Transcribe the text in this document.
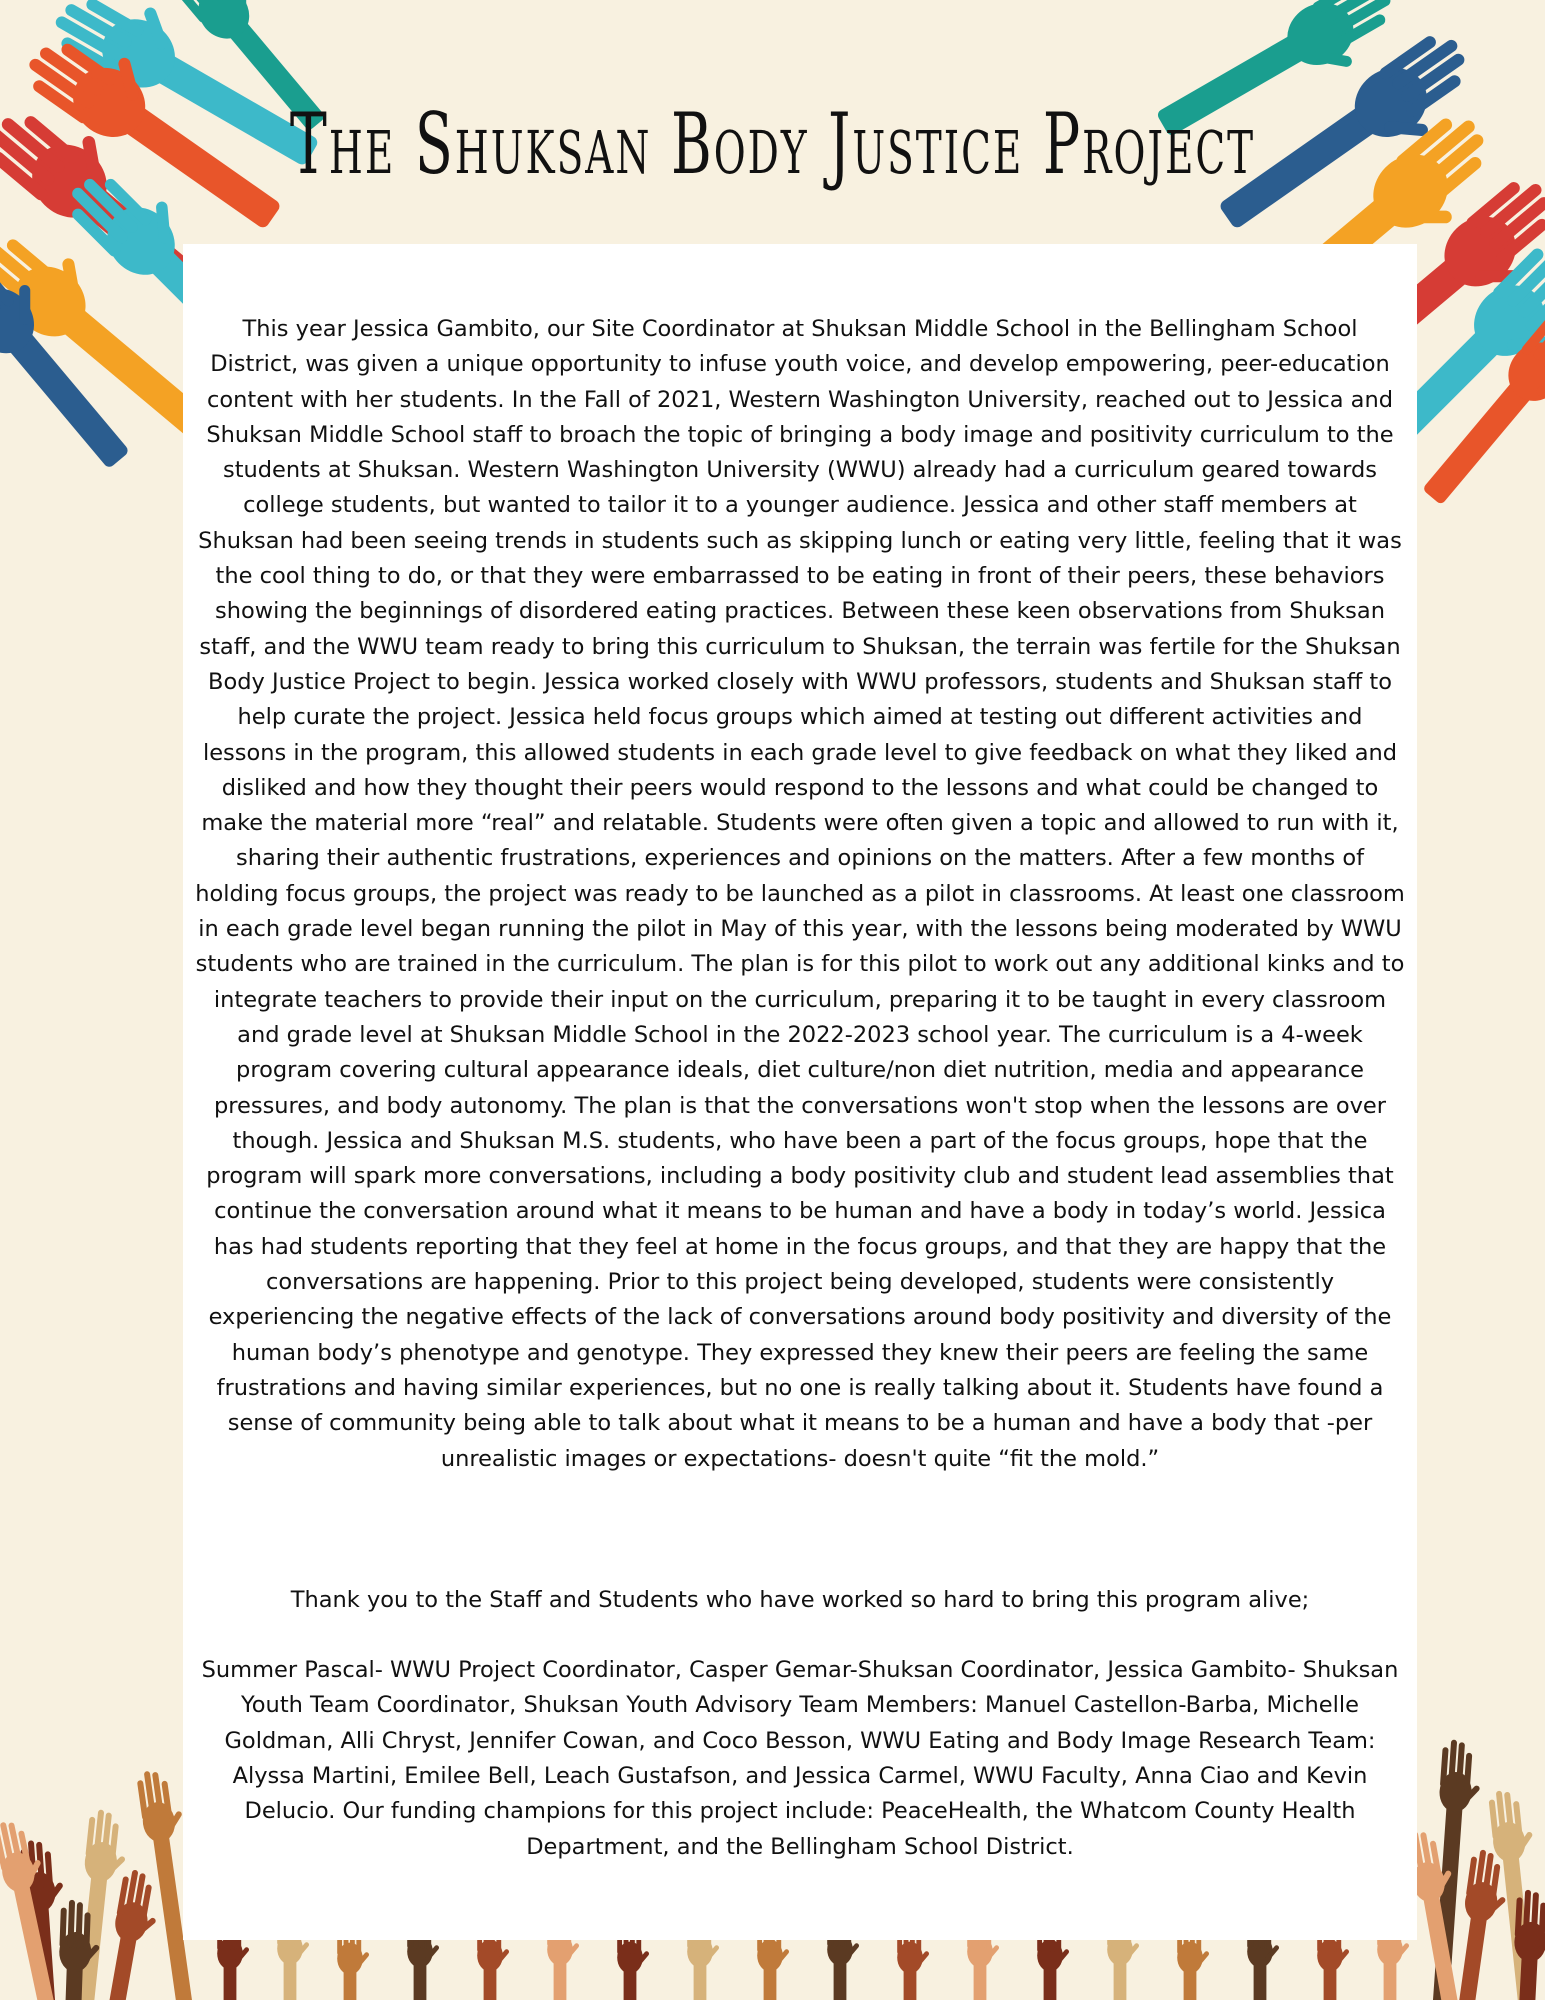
The Shuksan Body Justice Project

This year Jessica Gambito, our Site Coordinator at Shuksan Middle School in the Bellingham School District, was given a unique opportunity to infuse youth voice, and develop empowering, peer-education content with her students. In the Fall of 2021, Western Washington University, reached out to Jessica and Shuksan Middle School staff to broach the topic of bringing a body image and positivity curriculum to the students at Shuksan. Western Washington University (WWU) already had a curriculum geared towards college students, but wanted to tailor it to a younger audience. Jessica and other staff members at Shuksan had been seeing trends in students such as skipping lunch or eating very little, feeling that it was the cool thing to do, or that they were embarrassed to be eating in front of their peers, these behaviors showing the beginnings of disordered eating practices. Between these keen observations from Shuksan staff, and the WWU team ready to bring this curriculum to Shuksan, the terrain was fertile for the Shuksan Body Justice Project to begin. Jessica worked closely with WWU professors, students and Shuksan staff to help curate the project. Jessica held focus groups which aimed at testing out different activities and lessons in the program, this allowed students in each grade level to give feedback on what they liked and disliked and how they thought their peers would respond to the lessons and what could be changed to make the material more “real” and relatable. Students were often given a topic and allowed to run with it, sharing their authentic frustrations, experiences and opinions on the matters. After a few months of holding focus groups, the project was ready to be launched as a pilot in classrooms. At least one classroom in each grade level began running the pilot in May of this year, with the lessons being moderated by WWU students who are trained in the curriculum. The plan is for this pilot to work out any additional kinks and to integrate teachers to provide their input on the curriculum, preparing it to be taught in every classroom and grade level at Shuksan Middle School in the 2022-2023 school year. The curriculum is a 4-week program covering cultural appearance ideals, diet culture/non diet nutrition, media and appearance pressures, and body autonomy. The plan is that the conversations won't stop when the lessons are over though. Jessica and Shuksan M.S. students, who have been a part of the focus groups, hope that the program will spark more conversations, including a body positivity club and student lead assemblies that continue the conversation around what it means to be human and have a body in today’s world. Jessica has had students reporting that they feel at home in the focus groups, and that they are happy that the conversations are happening. Prior to this project being developed, students were consistently experiencing the negative effects of the lack of conversations around body positivity and diversity of the human body’s phenotype and genotype. They expressed they knew their peers are feeling the same frustrations and having similar experiences, but no one is really talking about it. Students have found a sense of community being able to talk about what it means to be a human and have a body that -per unrealistic images or expectations- doesn't quite “fit the mold.”

Thank you to the Staff and Students who have worked so hard to bring this program alive;

Summer Pascal- WWU Project Coordinator, Casper Gemar-Shuksan Coordinator, Jessica Gambito- Shuksan Youth Team Coordinator, Shuksan Youth Advisory Team Members: Manuel Castellon-Barba, Michelle Goldman, Alli Chryst, Jennifer Cowan, and Coco Besson, WWU Eating and Body Image Research Team: Alyssa Martini, Emilee Bell, Leach Gustafson, and Jessica Carmel, WWU Faculty, Anna Ciao and Kevin Delucio. Our funding champions for this project include: PeaceHealth, the Whatcom County Health Department, and the Bellingham School District.
